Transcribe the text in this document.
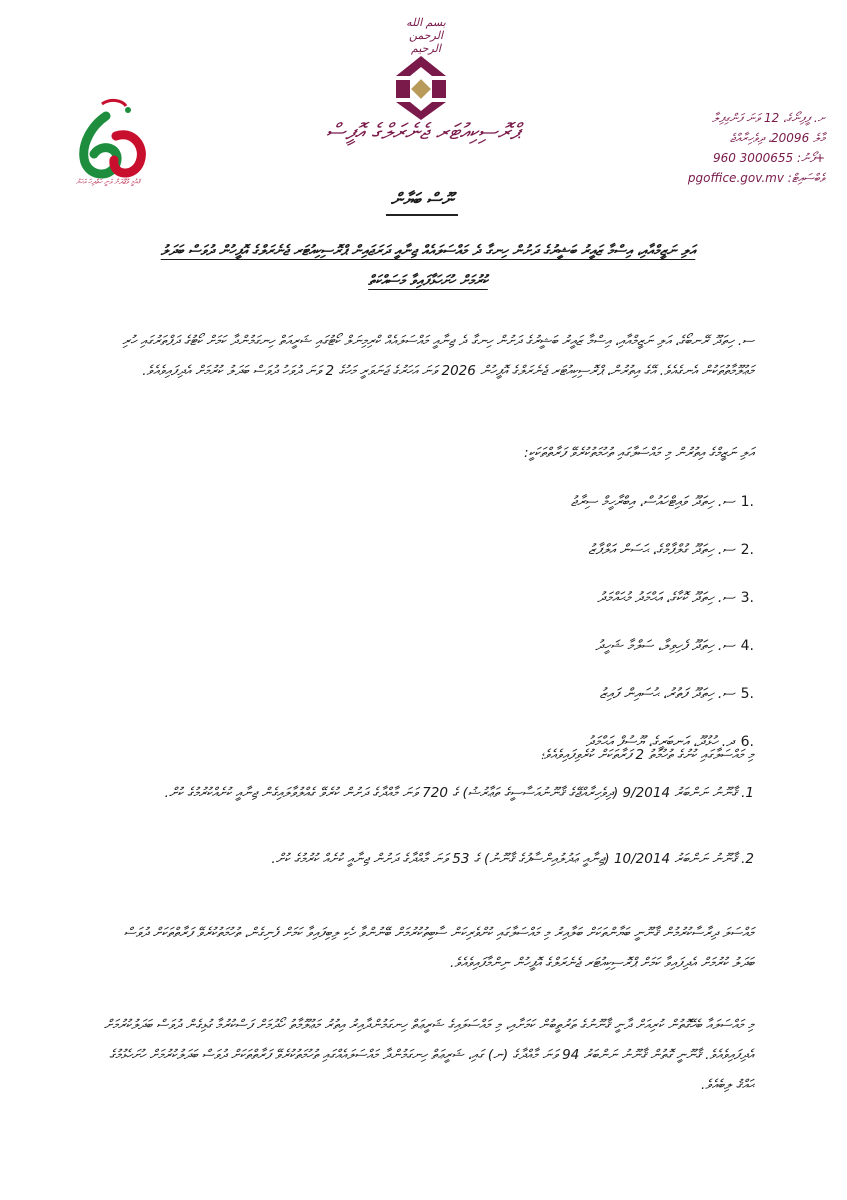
بسم الله الرحمن الرحيم
ޕްރޮސިކިއުޓަރ ޖެނެރަލްގެ އޮފީސް
ށ. ފީފިނޯގެ، 12 ވަނަ ފަންގިފިލާ
މާލެ 20096، ދިވެހިރާއްޖެ
ފޯނު: 3000655 960+
pgoffice.gov.mv :ވެބްސައިޓް
ޤައުމީ ވުޖޫދަށް ވަނީ ހަތްދިހަ އަހަރު
ނޫސް ބަޔާން
އަލި ނަޒީމްއާއި، އިސްމާ ޒައީރު ބަޝީރުގެ ދަށުން ހިނގާ ދެ މައްސަލައެއް ޖިނާއީ ދަރަޖައިން ޕްރޮސިކިއުޓަރ ޖެނެރަލްގެ އޮފީހުން ދުވަސް ބަދަލު
ކުރުމަށް ހުށަހަޅާފައިވާ މަސައްކަތް
ސ. ހިތަދޫ ރޭނބޯގެ، އަލި ނަޒީމްއާއި، އިސްމާ ޒައީރު ބަޝީރުގެ ދަށުން ހިނގާ ދެ ޖިނާއީ މައްސަލައެއް ކްރިމިނަލް ކޯޓުގައި ޝަރީއަތް ހިނގަމުންދާ ކަމަށް ކޯޓުގެ ދަފްތަރުގައި ހުރި މަޢުލޫމާތުތަކުން އެނގެއެވެ. އޭގެ އިތުރުން، ޕްރޮސިކިއުޓަރ ޖެނެރަލްގެ އޮފީހުން 2026 ވަނަ އަހަރުގެ ޖަނަވަރީ މަހުގެ 2 ވަނަ ދުވަހު ދުވަސް ބަދަލު ކުރުމަށް އެދިފައިވެއެވެ.
އަލި ނަޒީމްގެ އިތުރުން މި މައްސަލާގައި ތުހުމަތުކުރެވޭ ފަރާތްތަކަކީ:
ސ. ހިތަދޫ ވައިޓްހައުސް، އިބްރާހީމް ސިރާޖު 1.
ސ. ހިތަދޫ ގުލްފާމްގެ، ޙަސަން އަލްފާޒު 2.
ސ. ހިތަދޫ ކޮކާގެ، އަޙްމަދު މުޙައްމަދު 3.
ސ. ހިތަދޫ ފެހިވިލާ، ސަލްމާ ޝަހީދު 4.
ސ. ހިތަދޫ ފަތުރު، ޙުސައިން ފައިޒު 5.
ދ. ހުޅުދޫ، އަނބަރީގެ، ޔޫސުފް އަޙްމަދު 6.
މި މައްސަލާގައި ކުށުގެ ތުހުމަތު 2 ފަރާތަކަށް ކުރެވިފައިވެއެވެ؛
1. ޤާނޫނު ނަންބަރު 9/2014 (ދިވެހިރާއްޖޭގެ ޤާނޫނުއަސާސީގެ ތަޢާރުޟު) ގެ 720 ވަނަ މާއްދާގެ ދަށުން ކުރެވޭ ގެއްލުވާލައިގެން ޖިނާއީ ކުށެއްކުރުމުގެ ކުށް.
2. ޤާނޫނު ނަންބަރު 10/2014 (ޖިނާއީ ޢަދުލުއިންސާފުގެ ޤާނޫނު) ގެ 53 ވަނަ މާއްދާގެ ދަށުން ޖިނާއީ ކުށެއް ކުރުމުގެ ކުށް.
މައްސަލަ ދިރާސާކުރުމުން ޤާނޫނީ ބަޔާންތަކަށް ބަލާއިރު މި މައްސަލާގައި ކުށްވެރިކަން ސާބިތުކުރުމަށް ބޭނުންވާ ހެކި ލިބިފައިވާ ކަމަށް ފެނިގެން، ތުހުމަތުކުރެވޭ ފަރާތްތަކަށް ދުވަސް ބަދަލު ކުރުމަށް އެދިފައިވާ ކަމަށް ޕްރޮސިކިއުޓަރ ޖެނެރަލްގެ އޮފީހުން ނިންމާފައިވެއެވެ.
މި މައްސަލައާ ބެހޭގޮތުން ކުރިއަށް ދާނީ ޤާނޫނުގެ ތަރުތީބުން ކަމަށާއި، މި މައްސަލައިގެ ޝަރީޢަތް ހިނގަމުންދާއިރު އިތުރު މަޢުލޫމާތު ހޯދުމަށް ފަސްކުރުމާ ގުޅިގެން ދުވަސް ބަދަލުކުރުމަށް އެދިފައިވެއެވެ. ޤާނޫނީ ގޮތުން ޤާނޫނު ނަންބަރު 94 ވަނަ މާއްދާގެ (ނ) ގައި، ޝަރީޢަތް ހިނގަމުންދާ މައްސަލައެއްގައި ތުހުމަތުކުރެވޭ ފަރާތްތަކަށް ދުވަސް ބަދަލުކުރުމަށް ހުށަހެޅުމުގެ ޙައްޤު ލިބެއެވެ.
